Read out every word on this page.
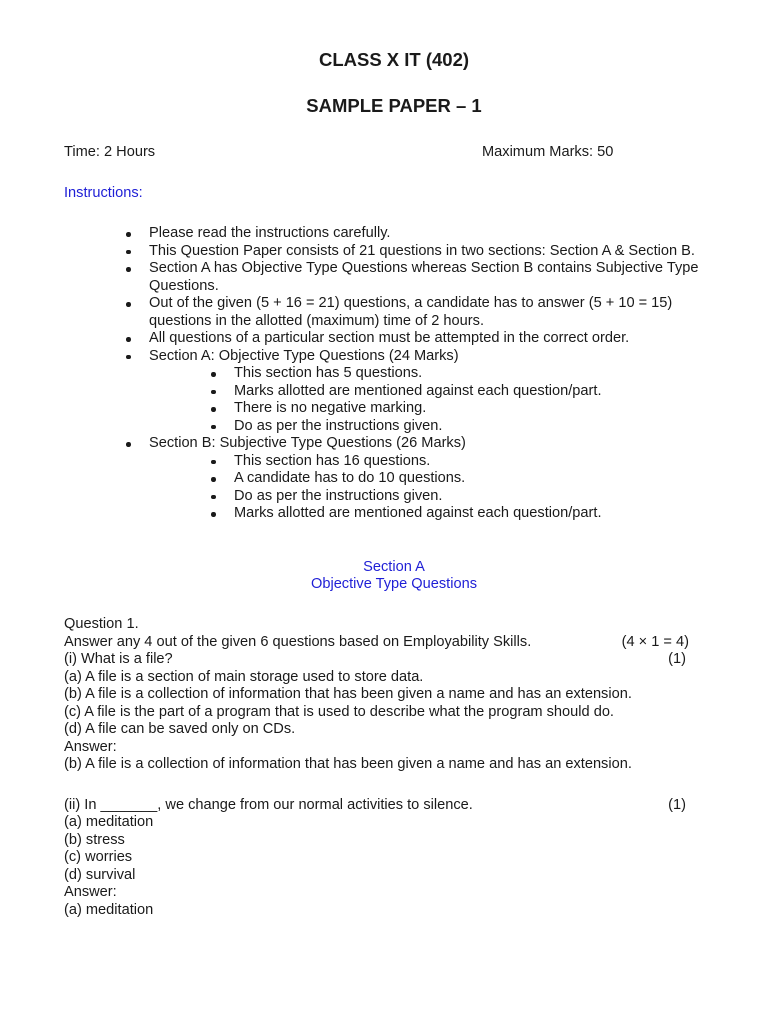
CLASS X IT (402)
SAMPLE PAPER – 1
Time: 2 Hours	Maximum Marks: 50
Instructions:
Please read the instructions carefully.
This Question Paper consists of 21 questions in two sections: Section A & Section B.
Section A has Objective Type Questions whereas Section B contains Subjective Type Questions.
Out of the given (5 + 16 = 21) questions, a candidate has to answer (5 + 10 = 15) questions in the allotted (maximum) time of 2 hours.
All questions of a particular section must be attempted in the correct order.
Section A: Objective Type Questions (24 Marks)
This section has 5 questions.
Marks allotted are mentioned against each question/part.
There is no negative marking.
Do as per the instructions given.
Section B: Subjective Type Questions (26 Marks)
This section has 16 questions.
A candidate has to do 10 questions.
Do as per the instructions given.
Marks allotted are mentioned against each question/part.
Section A
Objective Type Questions
Question 1.
Answer any 4 out of the given 6 questions based on Employability Skills.	(4 × 1 = 4)
(i) What is a file?	(1)
(a) A file is a section of main storage used to store data.
(b) A file is a collection of information that has been given a name and has an extension.
(c) A file is the part of a program that is used to describe what the program should do.
(d) A file can be saved only on CDs.
Answer:
(b) A file is a collection of information that has been given a name and has an extension.
(ii) In _______, we change from our normal activities to silence.	(1)
(a) meditation
(b) stress
(c) worries
(d) survival
Answer:
(a) meditation
